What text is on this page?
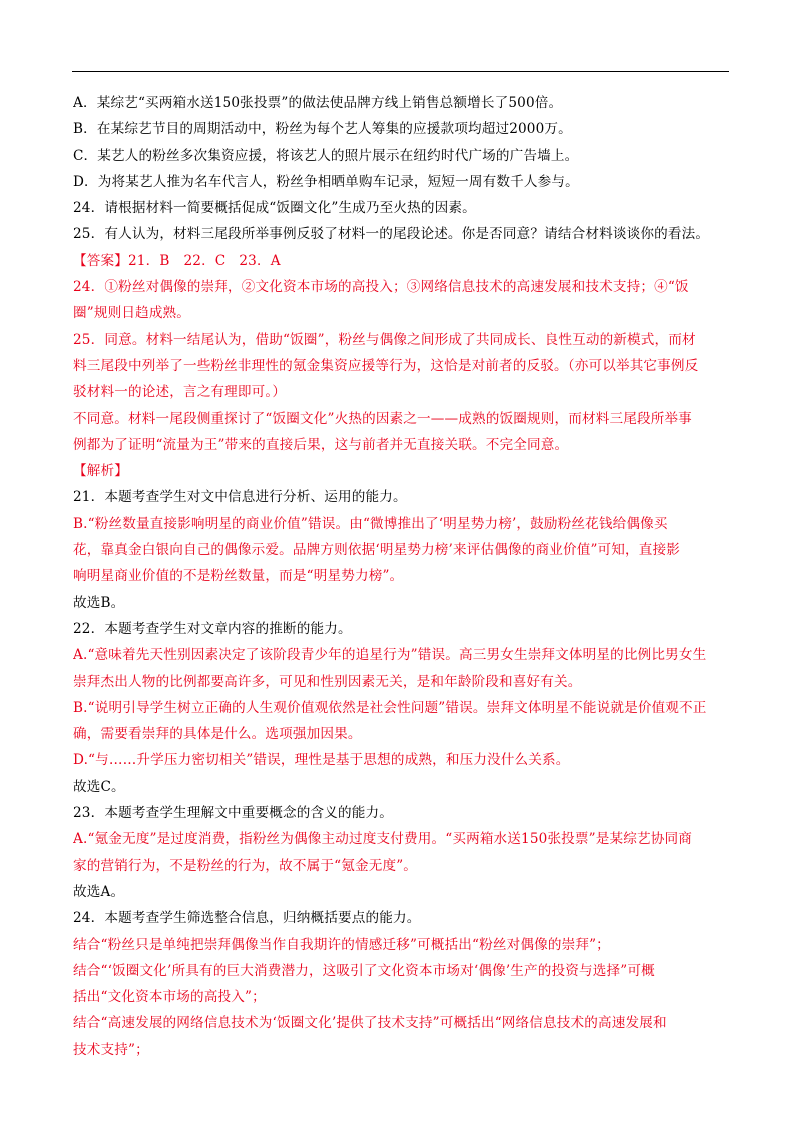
A．某综艺“买两箱水送150张投票”的做法使品牌方线上销售总额增长了500倍。
B．在某综艺节目的周期活动中，粉丝为每个艺人筹集的应援款项均超过2000万。
C．某艺人的粉丝多次集资应援，将该艺人的照片展示在纽约时代广场的广告墙上。
D．为将某艺人推为名车代言人，粉丝争相晒单购车记录，短短一周有数千人参与。
24．请根据材料一简要概括促成“饭圈文化”生成乃至火热的因素。
25．有人认为，材料三尾段所举事例反驳了材料一的尾段论述。你是否同意？请结合材料谈谈你的看法。
【答案】21．B 22．C 23．A
24．①粉丝对偶像的崇拜，②文化资本市场的高投入；③网络信息技术的高速发展和技术支持；④“饭
圈”规则日趋成熟。
25．同意。材料一结尾认为，借助“饭圈”，粉丝与偶像之间形成了共同成长、良性互动的新模式，而材
料三尾段中列举了一些粉丝非理性的氪金集资应援等行为，这恰是对前者的反驳。（亦可以举其它事例反
驳材料一的论述，言之有理即可。）
不同意。材料一尾段侧重探讨了“饭圈文化”火热的因素之一——成熟的饭圈规则，而材料三尾段所举事
例都为了证明“流量为王”带来的直接后果，这与前者并无直接关联。不完全同意。
【解析】
21．本题考查学生对文中信息进行分析、运用的能力。
B.“粉丝数量直接影响明星的商业价值”错误。由“微博推出了‘明星势力榜’，鼓励粉丝花钱给偶像买
花，靠真金白银向自己的偶像示爱。品牌方则依据‘明星势力榜’来评估偶像的商业价值”可知，直接影
响明星商业价值的不是粉丝数量，而是“明星势力榜”。
故选B。
22．本题考查学生对文章内容的推断的能力。
A.“意味着先天性别因素决定了该阶段青少年的追星行为”错误。高三男女生崇拜文体明星的比例比男女生
崇拜杰出人物的比例都要高许多，可见和性别因素无关，是和年龄阶段和喜好有关。
B.“说明引导学生树立正确的人生观价值观依然是社会性问题”错误。崇拜文体明星不能说就是价值观不正
确，需要看崇拜的具体是什么。选项强加因果。
D.“与……升学压力密切相关”错误，理性是基于思想的成熟，和压力没什么关系。
故选C。
23．本题考查学生理解文中重要概念的含义的能力。
A.“氪金无度”是过度消费，指粉丝为偶像主动过度支付费用。“买两箱水送150张投票”是某综艺协同商
家的营销行为，不是粉丝的行为，故不属于“氪金无度”。
故选A。
24．本题考查学生筛选整合信息，归纳概括要点的能力。
结合“粉丝只是单纯把崇拜偶像当作自我期许的情感迁移”可概括出“粉丝对偶像的崇拜”；
结合“‘饭圈文化’所具有的巨大消费潜力，这吸引了文化资本市场对‘偶像’生产的投资与选择”可概
括出“文化资本市场的高投入”；
结合“高速发展的网络信息技术为‘饭圈文化’提供了技术支持”可概括出“网络信息技术的高速发展和
技术支持”；
